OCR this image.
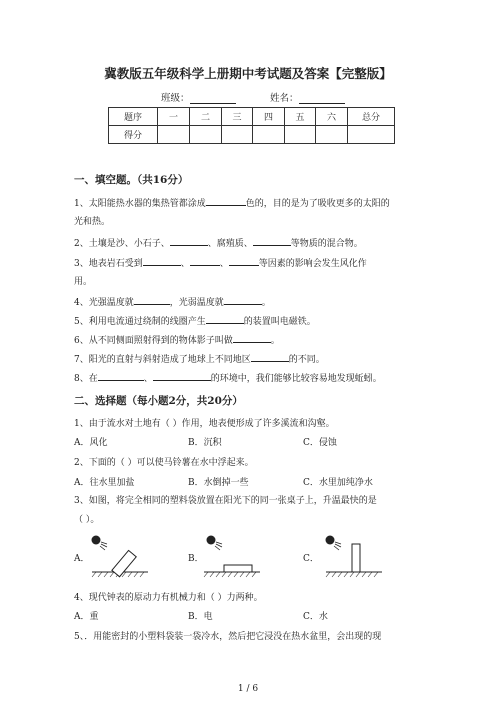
冀教版五年级科学上册期中考试题及答案【完整版】
班级：	姓名：
题序	一	二	三	四	五	六	总分
得分							
一、填空题。（共16分）
1、太阳能热水器的集热管都涂成	色的，目的是为了吸收更多的太阳的
光和热。
2、土壤是沙、小石子、	、腐殖质、	等物质的混合物。
3、地表岩石受到	、	、	等因素的影响会发生风化作
用。
4、光强温度就	，光弱温度就	。
5、利用电流通过绕制的线圈产生	的装置叫电磁铁。
6、从不同侧面照射得到的物体影子叫做	。
7、阳光的直射与斜射造成了地球上不同地区	的不同。
8、在	、	的环境中，我们能够比较容易地发现蚯蚓。
二、选择题（每小题2分，共20分）
1、由于流水对土地有（ ）作用，地表便形成了许多溪流和沟壑。
A．风化	B．沉积	C．侵蚀
2、下面的（ ）可以使马铃薯在水中浮起来。
A．往水里加盐	B．水倒掉一些	C．水里加纯净水
3、如图，将完全相同的塑料袋放置在阳光下的同一张桌子上，升温最快的是
（ ）。
A．	B．	C．
4、现代钟表的原动力有机械力和（ ）力两种。
A．重	B．电	C．水
5、．用能密封的小塑料袋装一袋冷水，然后把它浸没在热水盆里，会出现的现
1 / 6
